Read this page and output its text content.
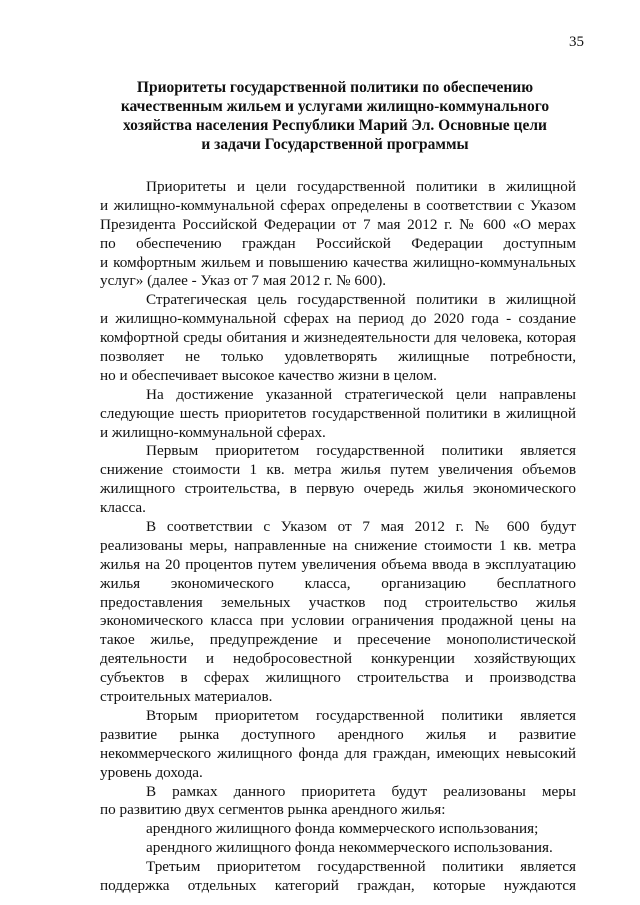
35
Приоритеты государственной политики по обеспечению
качественным жильем и услугами жилищно-коммунального
хозяйства населения Республики Марий Эл. Основные цели
и задачи Государственной программы
Приоритеты и цели государственной политики в жилищной
и жилищно-коммунальной сферах определены в соответствии с Указом
Президента Российской Федерации от 7 мая 2012 г. № 600 «О мерах
по обеспечению граждан Российской Федерации доступным
и комфортным жильем и повышению качества жилищно-коммунальных
услуг» (далее - Указ от 7 мая 2012 г. № 600).
Стратегическая цель государственной политики в жилищной
и жилищно-коммунальной сферах на период до 2020 года - создание
комфортной среды обитания и жизнедеятельности для человека, которая
позволяет не только удовлетворять жилищные потребности,
но и обеспечивает высокое качество жизни в целом.
На достижение указанной стратегической цели направлены
следующие шесть приоритетов государственной политики в жилищной
и жилищно-коммунальной сферах.
Первым приоритетом государственной политики является
снижение стоимости 1 кв. метра жилья путем увеличения объемов
жилищного строительства, в первую очередь жилья экономического
класса.
В соответствии с Указом от 7 мая 2012 г. № 600 будут
реализованы меры, направленные на снижение стоимости 1 кв. метра
жилья на 20 процентов путем увеличения объема ввода в эксплуатацию
жилья экономического класса, организацию бесплатного
предоставления земельных участков под строительство жилья
экономического класса при условии ограничения продажной цены на
такое жилье, предупреждение и пресечение монополистической
деятельности и недобросовестной конкуренции хозяйствующих
субъектов в сферах жилищного строительства и производства
строительных материалов.
Вторым приоритетом государственной политики является
развитие рынка доступного арендного жилья и развитие
некоммерческого жилищного фонда для граждан, имеющих невысокий
уровень дохода.
В рамках данного приоритета будут реализованы меры
по развитию двух сегментов рынка арендного жилья:
арендного жилищного фонда коммерческого использования;
арендного жилищного фонда некоммерческого использования.
Третьим приоритетом государственной политики является
поддержка отдельных категорий граждан, которые нуждаются
